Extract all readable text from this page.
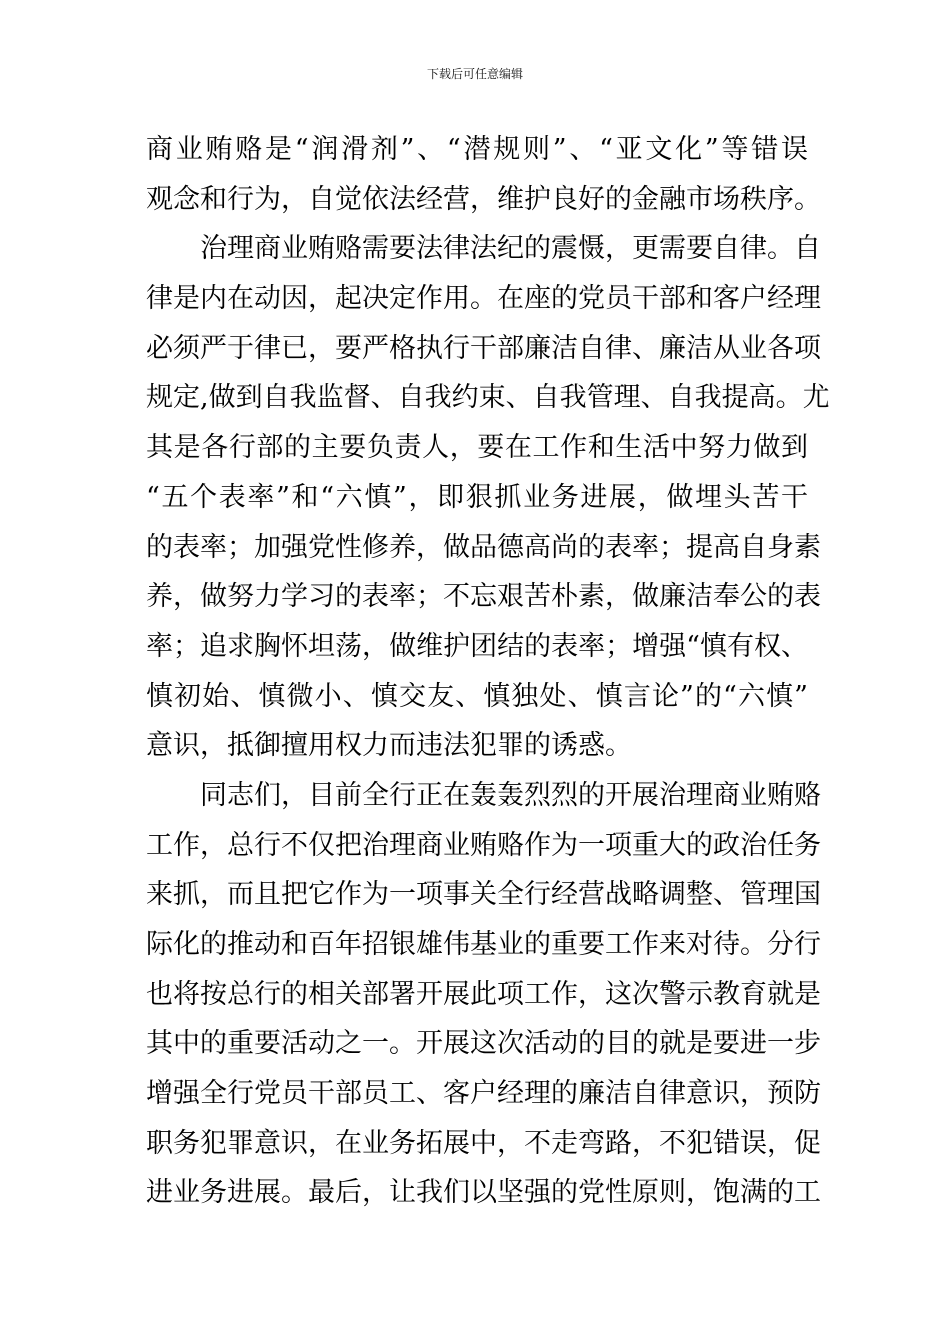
下载后可任意编辑
商业贿赂是“润滑剂”、“潜规则”、“亚文化”等错误
观念和行为，自觉依法经营，维护良好的金融市场秩序。
治理商业贿赂需要法律法纪的震慑，更需要自律。自
律是内在动因，起决定作用。在座的党员干部和客户经理
必须严于律已，要严格执行干部廉洁自律、廉洁从业各项
规定,做到自我监督、自我约束、自我管理、自我提高。尤
其是各行部的主要负责人，要在工作和生活中努力做到
“五个表率”和“六慎”，即狠抓业务进展，做埋头苦干
的表率；加强党性修养，做品德高尚的表率；提高自身素
养，做努力学习的表率；不忘艰苦朴素，做廉洁奉公的表
率；追求胸怀坦荡，做维护团结的表率；增强“慎有权、
慎初始、慎微小、慎交友、慎独处、慎言论”的“六慎”
意识，抵御擅用权力而违法犯罪的诱惑。
同志们，目前全行正在轰轰烈烈的开展治理商业贿赂
工作，总行不仅把治理商业贿赂作为一项重大的政治任务
来抓，而且把它作为一项事关全行经营战略调整、管理国
际化的推动和百年招银雄伟基业的重要工作来对待。分行
也将按总行的相关部署开展此项工作，这次警示教育就是
其中的重要活动之一。开展这次活动的目的就是要进一步
增强全行党员干部员工、客户经理的廉洁自律意识，预防
职务犯罪意识，在业务拓展中，不走弯路，不犯错误，促
进业务进展。最后，让我们以坚强的党性原则，饱满的工
